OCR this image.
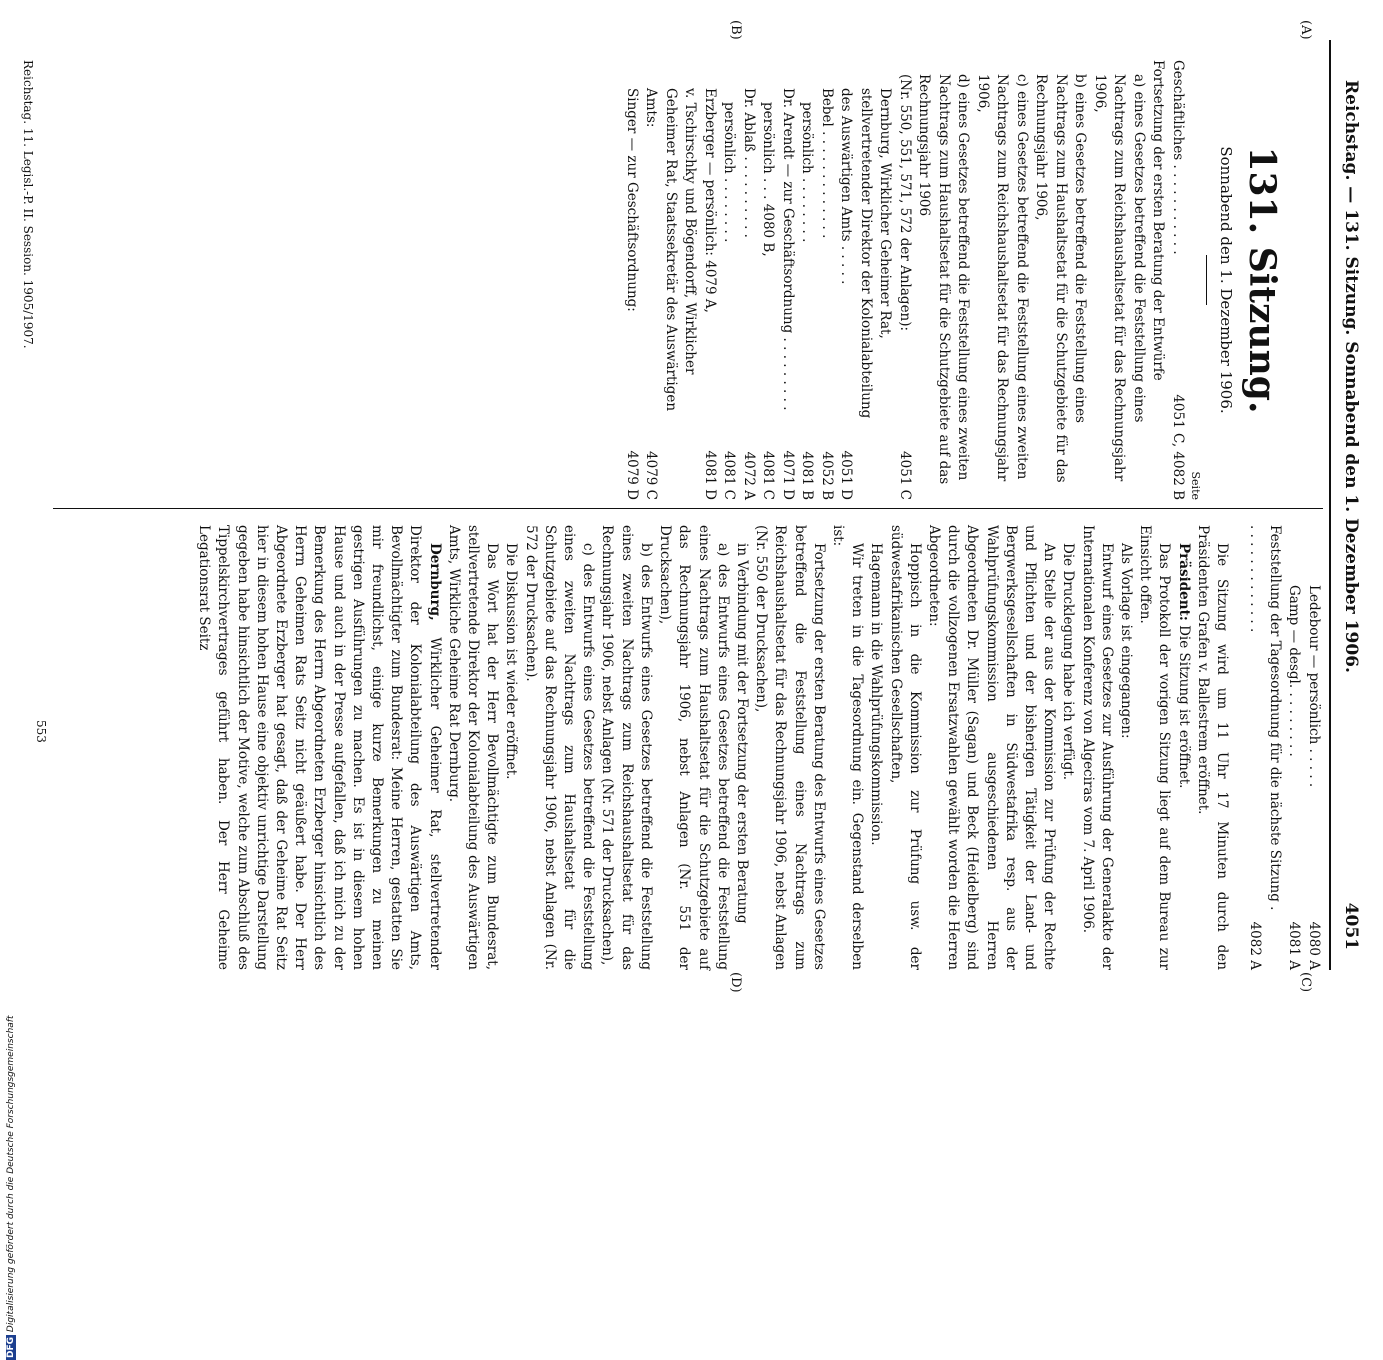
Reichstag. — 131. Sitzung. Sonnabend den 1. Dezember 1906.
4051
(A)
(B)
(C)
(D)
131. Sitzung.
Sonnabend den 1. Dezember 1906.
Seite
Geschäftliches . . . . . . . . . . .
4051 C, 4082 B
Fortsetzung der ersten Beratung der Entwürfe
a) eines Gesetzes betreffend die Feststellung eines Nachtrags zum Reichshaushaltsetat für das Rechnungsjahr 1906,
b) eines Gesetzes betreffend die Feststellung eines Nachtrags zum Haushaltsetat für die Schutzgebiete für das Rechnungsjahr 1906,
c) eines Gesetzes betreffend die Feststellung eines zweiten Nachtrags zum Reichshaushaltsetat für das Rechnungsjahr 1906,
d) eines Gesetzes betreffend die Feststellung eines zweiten Nachtrags zum Haushaltsetat für die Schutzgebiete auf das Rechnungsjahr 1906
(Nr. 550, 551, 571, 572 der Anlagen):
4051 C
Dernburg, Wirklicher Geheimer Rat, stellvertretender Direktor der Kolonialabteilung des Auswärtigen Amts . . . . .
4051 D
Bebel . . . . . . . . . . . . .
4052 B
persönlich . . . . . . . .
4081 B
Dr. Arendt — zur Geschäftsordnung . . . . . . . . .
4071 D
persönlich . . . 4080 B,
4081 C
Dr. Ablaß . . . . . . . . . .
4072 A
persönlich . . . . . . . .
4081 C
Erzberger — persönlich: 4079 A,
4081 D
v. Tschirschky und Bögendorff, Wirklicher Geheimer Rat, Staatssekretär des Auswärtigen Amts:
4079 C
Singer — zur Geschäftsordnung:
4079 D
Reichstag. 11. Legisl.-P. II. Session. 1905/1907.
Ledebour — persönlich . . . . .
4080 A
Gamp — desgl. . . . . . . . .
4081 A
Feststellung der Tagesordnung für die nächste Sitzung . . . . . . . . . . . . . .
4082 A

Die Sitzung wird um 11 Uhr 17 Minuten durch den Präsidenten Grafen v. Ballestrem eröffnet.

Präsident: Die Sitzung ist eröffnet.

Das Protokoll der vorigen Sitzung liegt auf dem Bureau zur Einsicht offen.

Als Vorlage ist eingegangen:

Entwurf eines Gesetzes zur Ausführung der Generalakte der Internationalen Konferenz von Algeciras vom 7. April 1906.

Die Drucklegung habe ich verfügt.

An Stelle der aus der Kommission zur Prüfung der Rechte und Pflichten und der bisherigen Tätigkeit der Land- und Bergwerksgesellschaften in Südwestafrika resp. aus der Wahlprüfungskommission ausgeschiedenen Herren Abgeordneten Dr. Müller (Sagan) und Beck (Heidelberg) sind durch die vollzogenen Ersatzwahlen gewählt worden die Herren Abgeordneten:

Hoppisch in die Kommission zur Prüfung usw. der südwestafrikanischen Gesellschaften,

Hagemann in die Wahlprüfungskommission.

Wir treten in die Tagesordnung ein. Gegenstand derselben ist:

Fortsetzung der ersten Beratung des Entwurfs eines Gesetzes betreffend die Feststellung eines Nachtrags zum Reichshaushaltsetat für das Rechnungsjahr 1906, nebst Anlagen (Nr. 550 der Drucksachen),

in Verbindung mit der Fortsetzung der ersten Beratung

a) des Entwurfs eines Gesetzes betreffend die Feststellung eines Nachtrags zum Haushaltsetat für die Schutzgebiete auf das Rechnungsjahr 1906, nebst Anlagen (Nr. 551 der Drucksachen),

b) des Entwurfs eines Gesetzes betreffend die Feststellung eines zweiten Nachtrags zum Reichshaushaltsetat für das Rechnungsjahr 1906, nebst Anlagen (Nr. 571 der Drucksachen),

c) des Entwurfs eines Gesetzes betreffend die Feststellung eines zweiten Nachtrags zum Haushaltsetat für die Schutzgebiete auf das Rechnungsjahr 1906, nebst Anlagen (Nr. 572 der Drucksachen).

Die Diskussion ist wieder eröffnet.

Das Wort hat der Herr Bevollmächtigte zum Bundesrat, stellvertretende Direktor der Kolonialabteilung des Auswärtigen Amts, Wirkliche Geheime Rat Dernburg.

Dernburg, Wirklicher Geheimer Rat, stellvertretender Direktor der Kolonialabteilung des Auswärtigen Amts, Bevollmächtigter zum Bundesrat: Meine Herren, gestatten Sie mir freundlichst, einige kurze Bemerkungen zu meinen gestrigen Ausführungen zu machen. Es ist in diesem hohen Hause und auch in der Presse aufgefallen, daß ich mich zu der Bemerkung des Herrn Abgeordneten Erzberger hinsichtlich des Herrn Geheimen Rats Seitz nicht geäußert habe. Der Herr Abgeordnete Erzberger hat gesagt, daß der Geheime Rat Seitz hier in diesem hohen Hause eine objektiv unrichtige Darstellung gegeben habe hinsichtlich der Motive, welche zum Abschluß des Tippelskirchvertrages geführt haben. Der Herr Geheime Legationsrat Seitz

553
DFG Digitalisierung gefördert durch die Deutsche Forschungsgemeinschaft
